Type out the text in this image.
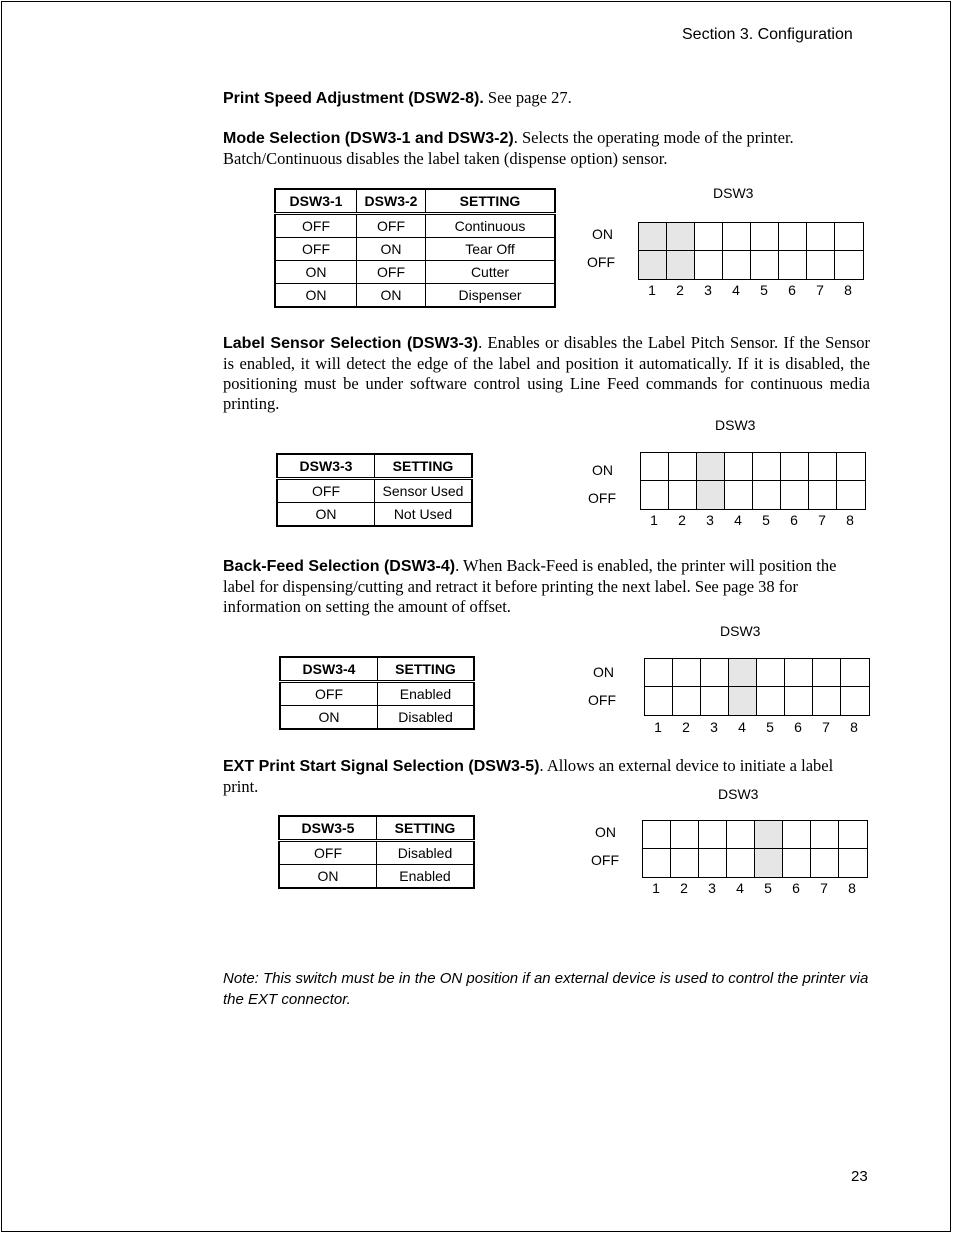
Section 3. Configuration
Print Speed Adjustment (DSW2-8). See page 27.
Mode Selection (DSW3-1 and DSW3-2). Selects the operating mode of the printer. Batch/Continuous disables the label taken (dispense option) sensor.
DSW3-1	DSW3-2	SETTING
OFF	OFF	Continuous
OFF	ON	Tear Off
ON	OFF	Cutter
ON	ON	Dispenser
DSW3
ON
OFF
1	2	3	4	5	6	7	8
Label Sensor Selection (DSW3-3). Enables or disables the Label Pitch Sensor. If the Sensor is enabled, it will detect the edge of the label and position it automatically. If it is disabled, the positioning must be under software control using Line Feed commands for continuous media printing.
DSW3-3	SETTING
OFF	Sensor Used
ON	Not Used
DSW3
ON
OFF
1	2	3	4	5	6	7	8
Back-Feed Selection (DSW3-4). When Back-Feed is enabled, the printer will position the label for dispensing/cutting and retract it before printing the next label. See page 38 for information on setting the amount of offset.
DSW3-4	SETTING
OFF	Enabled
ON	Disabled
DSW3
ON
OFF
1	2	3	4	5	6	7	8
EXT Print Start Signal Selection (DSW3-5). Allows an external device to initiate a label print.
DSW3-5	SETTING
OFF	Disabled
ON	Enabled
DSW3
ON
OFF
1	2	3	4	5	6	7	8
Note: This switch must be in the ON position if an external device is used to control the printer via the EXT connector.
23
